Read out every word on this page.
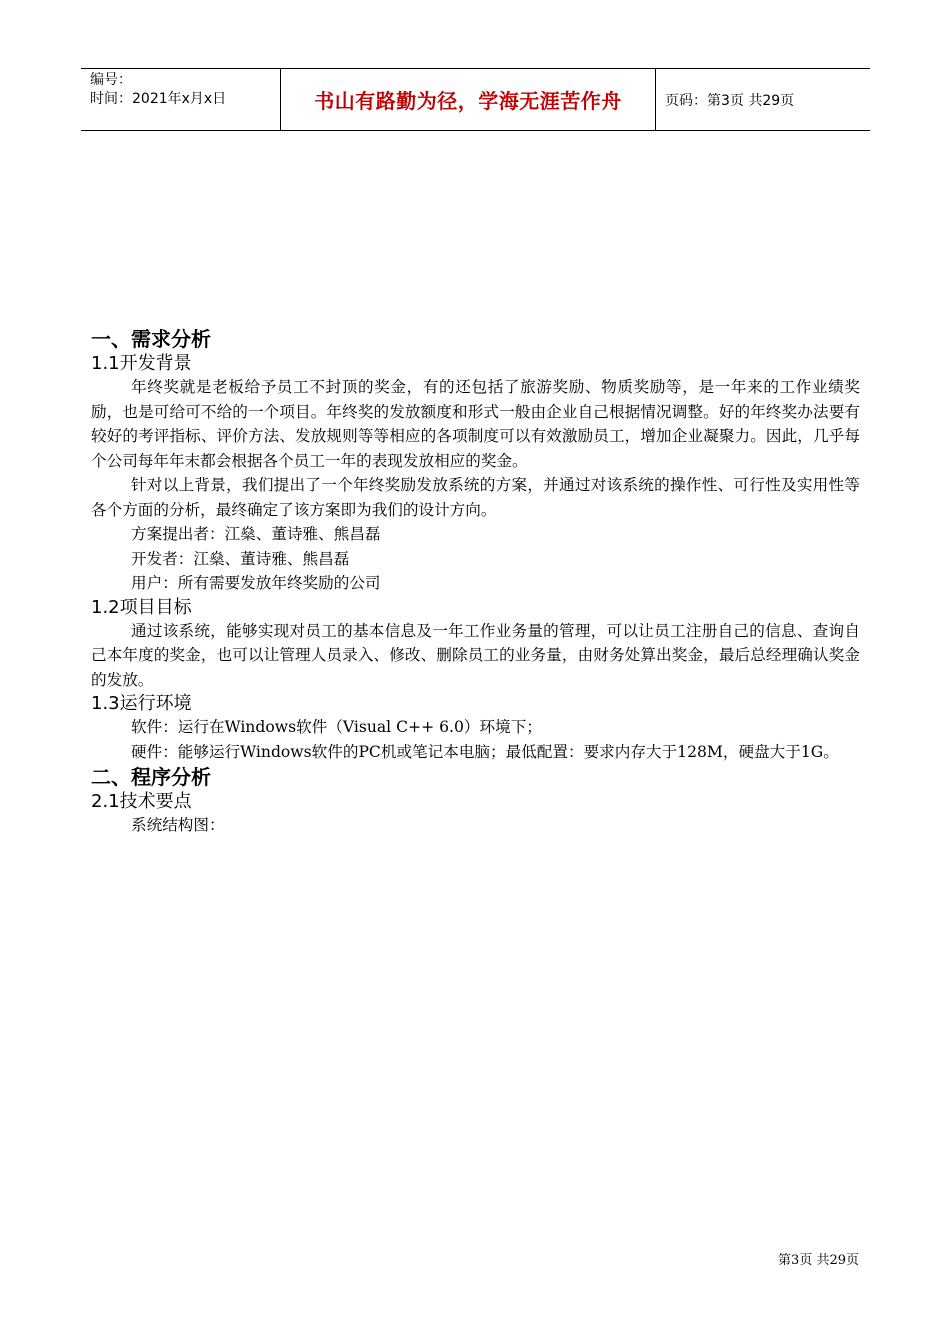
编号：
时间：2021年x月x日	书山有路勤为径，学海无涯苦作舟	页码：第3页 共29页
一、需求分析
1.1开发背景

年终奖就是老板给予员工不封顶的奖金，有的还包括了旅游奖励、物质奖励等，是一年来的工作业绩奖励，也是可给可不给的一个项目。年终奖的发放额度和形式一般由企业自己根据情况调整。好的年终奖办法要有较好的考评指标、评价方法、发放规则等等相应的各项制度可以有效激励员工，增加企业凝聚力。因此，几乎每个公司每年年末都会根据各个员工一年的表现发放相应的奖金。

针对以上背景，我们提出了一个年终奖励发放系统的方案，并通过对该系统的操作性、可行性及实用性等各个方面的分析，最终确定了该方案即为我们的设计方向。

方案提出者：江燊、董诗雅、熊昌磊

开发者：江燊、董诗雅、熊昌磊

用户：所有需要发放年终奖励的公司

1.2项目目标

通过该系统，能够实现对员工的基本信息及一年工作业务量的管理，可以让员工注册自己的信息、查询自己本年度的奖金，也可以让管理人员录入、修改、删除员工的业务量，由财务处算出奖金，最后总经理确认奖金的发放。

1.3运行环境

软件：运行在Windows软件（Visual C++ 6.0）环境下；

硬件：能够运行Windows软件的PC机或笔记本电脑；最低配置：要求内存大于128M，硬盘大于1G。

二、程序分析
2.1技术要点

系统结构图：

第3页 共29页
